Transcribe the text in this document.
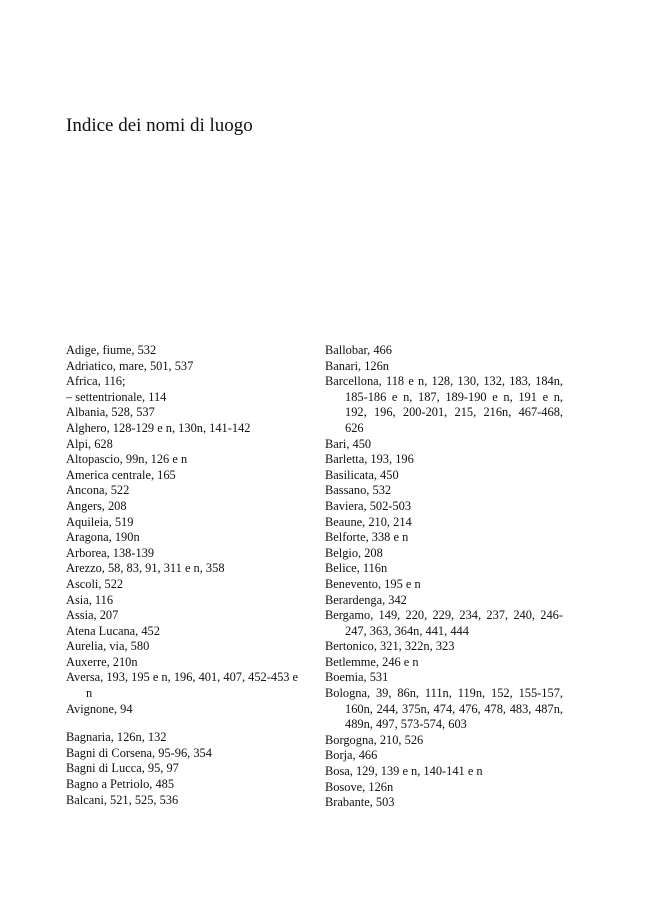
Indice dei nomi di luogo

Adige, fiume, 532

Adriatico, mare, 501, 537

Africa, 116;

– settentrionale, 114

Albania, 528, 537

Alghero, 128-129 e n, 130n, 141-142

Alpi, 628

Altopascio, 99n, 126 e n

America centrale, 165

Ancona, 522

Angers, 208

Aquileia, 519

Aragona, 190n

Arborea, 138-139

Arezzo, 58, 83, 91, 311 e n, 358

Ascoli, 522

Asia, 116

Assia, 207

Atena Lucana, 452

Aurelia, via, 580

Auxerre, 210n

Aversa, 193, 195 e n, 196, 401, 407, 452-453 e n

Avignone, 94

Bagnaria, 126n, 132

Bagni di Corsena, 95-96, 354

Bagni di Lucca, 95, 97

Bagno a Petriolo, 485

Balcani, 521, 525, 536

Ballobar, 466

Banari, 126n

Barcellona, 118 e n, 128, 130, 132, 183, 184n, 185-186 e n, 187, 189-190 e n, 191 e n, 192, 196, 200-201, 215, 216n, 467-468, 626

Bari, 450

Barletta, 193, 196

Basilicata, 450

Bassano, 532

Baviera, 502-503

Beaune, 210, 214

Belforte, 338 e n

Belgio, 208

Belice, 116n

Benevento, 195 e n

Berardenga, 342

Bergamo, 149, 220, 229, 234, 237, 240, 246-247, 363, 364n, 441, 444

Bertonico, 321, 322n, 323

Betlemme, 246 e n

Boemia, 531

Bologna, 39, 86n, 111n, 119n, 152, 155-157, 160n, 244, 375n, 474, 476, 478, 483, 487n, 489n, 497, 573-574, 603

Borgogna, 210, 526

Borja, 466

Bosa, 129, 139 e n, 140-141 e n

Bosove, 126n

Brabante, 503
